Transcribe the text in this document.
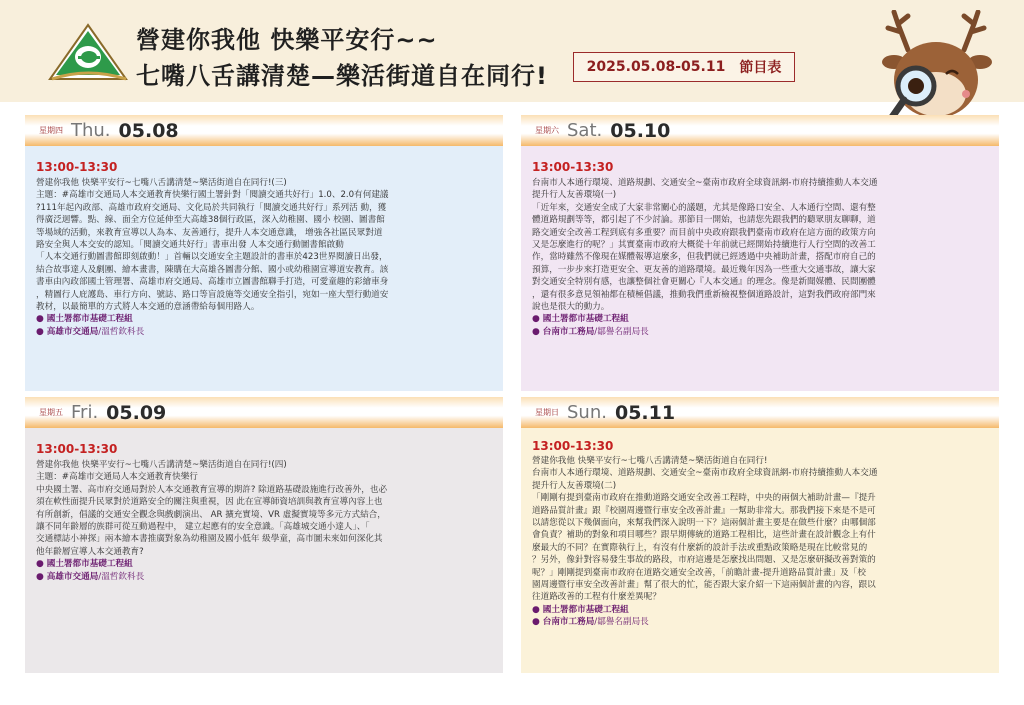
營建你我他 快樂平安行~~
七嘴八舌講清楚—樂活街道自在同行!	2025.05.08-05.11 節目表
星期四 Thu. 05.08
13:00-13:30
營建你我他 快樂平安行~七嘴八舌講清楚~樂活街道自在同行!(三)
主題：#高雄市交通局人本交通教育快樂行國土署針對「閱讀交通共好行」1.0、2.0有何建議
?111年起內政部、高雄市政府交通局、文化局於共同執行「閱讀交通共好行」系列活 動，獲
得廣泛迴響。點、線、面全方位延伸至大高雄38個行政區，深入幼稚園、國小 校園、圖書館
等場域的活動，來教育宣導以人為本、友善通行，提升人本交通意識， 增強各社區民眾對道
路安全與人本交安的認知。「閱讀交通共好行」書車出發 人本交通行動圖書館啟動
「人本交通行動圖書館即刻啟動！」首輛以交通安全主題設計的書車於423世界閱讀日出發，
結合故事達人及劇團、繪本畫書，陳購在大高雄各圖書分館、國小或幼稚園宣導道安教育。該
書車由內政部國土管理署、高雄市府交通局、高雄市立圖書館聯手打造，可愛童趣的彩繪車身
，精圖行人庇護島、車行方向、號誌、路口等盲設施等交通安全指引，宛如一座大型行動道安
教材，以最簡單的方式將人本交通的意涵帶給每個用路人。
● 國土署都市基礎工程組
● 高雄市交通局/溫哲欽科長
星期六 Sat. 05.10
13:00-13:30
台南市人本通行環境、道路規劃、交通安全~臺南市政府全球資訊網-市府持續推動人本交通
提升行人友善環境(一)
「近年來，交通安全成了大家非常關心的議題，尤其是像路口安全、人本通行空間、還有整
體道路規劃等等，都引起了不少討論。那節目一開始，也請您先跟我們的聽眾朋友聊聊，道
路交通安全改善工程到底有多重要？而目前中央政府跟我們臺南市政府在這方面的政策方向
又是怎麼進行的呢？」其實臺南市政府大概從十年前就已經開始持續進行人行空間的改善工
作，當時雖然不像現在媒體報導這麼多，但我們就已經透過中央補助計畫，搭配市府自己的
預算，一步步來打造更安全、更友善的道路環境。最近幾年因為一些重大交通事故，讓大家
對交通安全特別有感，也讓整個社會更關心『人本交通』的理念。像是新聞媒體、民間團體
，還有很多意見領袖都在積極倡議，推動我們重新檢視整個道路設計，這對我們政府部門來
說也是很大的動力。
● 國土署都市基礎工程組
● 台南市工務局/鄒譽名副局長
星期五 Fri. 05.09
13:00-13:30
營建你我他 快樂平安行~七嘴八舌講清楚~樂活街道自在同行!(四)
主題：#高雄市交通局人本交通教育快樂行
中央國土署、高市府交通局對於人本交通教育宣導的期許? 除道路基礎設施進行改善外，也必
須在軟性面提升民眾對於道路安全的關注與重視，因 此在宣導師資培訓與教育宣導內容上也
有所創新，倡議的交通安全觀念與戲劇演出、 AR 擴充實境、VR 虛擬實境等多元方式結合，
讓不同年齡層的族群可從互動過程中， 建立起應有的安全意識。「高雄城交通小達人」、「
交通標誌小神探」兩本繪本書推廣對象為幼稚園及國小低年 級學童，高市圖未來如何深化其
他年齡層宣導人本交通教育?
● 國土署都市基礎工程組
● 高雄市交通局/溫哲欽科長
星期日 Sun. 05.11
13:00-13:30
營建你我他 快樂平安行~七嘴八舌講清楚~樂活街道自在同行!
台南市人本通行環境、道路規劃、交通安全~臺南市政府全球資訊網-市府持續推動人本交通
提升行人友善環境(二)
「剛剛有提到臺南市政府在推動道路交通安全改善工程時，中央的兩個大補助計畫—『提升
道路品質計畫』跟『校園周邊暨行車安全改善計畫』一幫助非常大。那我們接下來是不是可
以請您從以下幾個面向，來幫我們深入說明一下？這兩個計畫主要是在做些什麼？由哪個部
會負責？補助的對象和項目哪些？跟早期傳統的道路工程相比，這些計畫在設計觀念上有什
麼最大的不同？在實際執行上，有沒有什麼新的設計手法或重點政策略是現在比較常見的
？另外，像針對容易發生事故的路段，市府這邊是怎麼找出問題、又是怎麼研擬改善對策的
呢？」剛剛提到臺南市政府在道路交通安全改善，「前瞻計畫-提升道路品質計畫」及「校
園周邊暨行車安全改善計畫」幫了很大的忙，能否跟大家介紹一下這兩個計畫的內容，跟以
往道路改善的工程有什麼差異呢？
● 國土署都市基礎工程組
● 台南市工務局/鄒譽名副局長
